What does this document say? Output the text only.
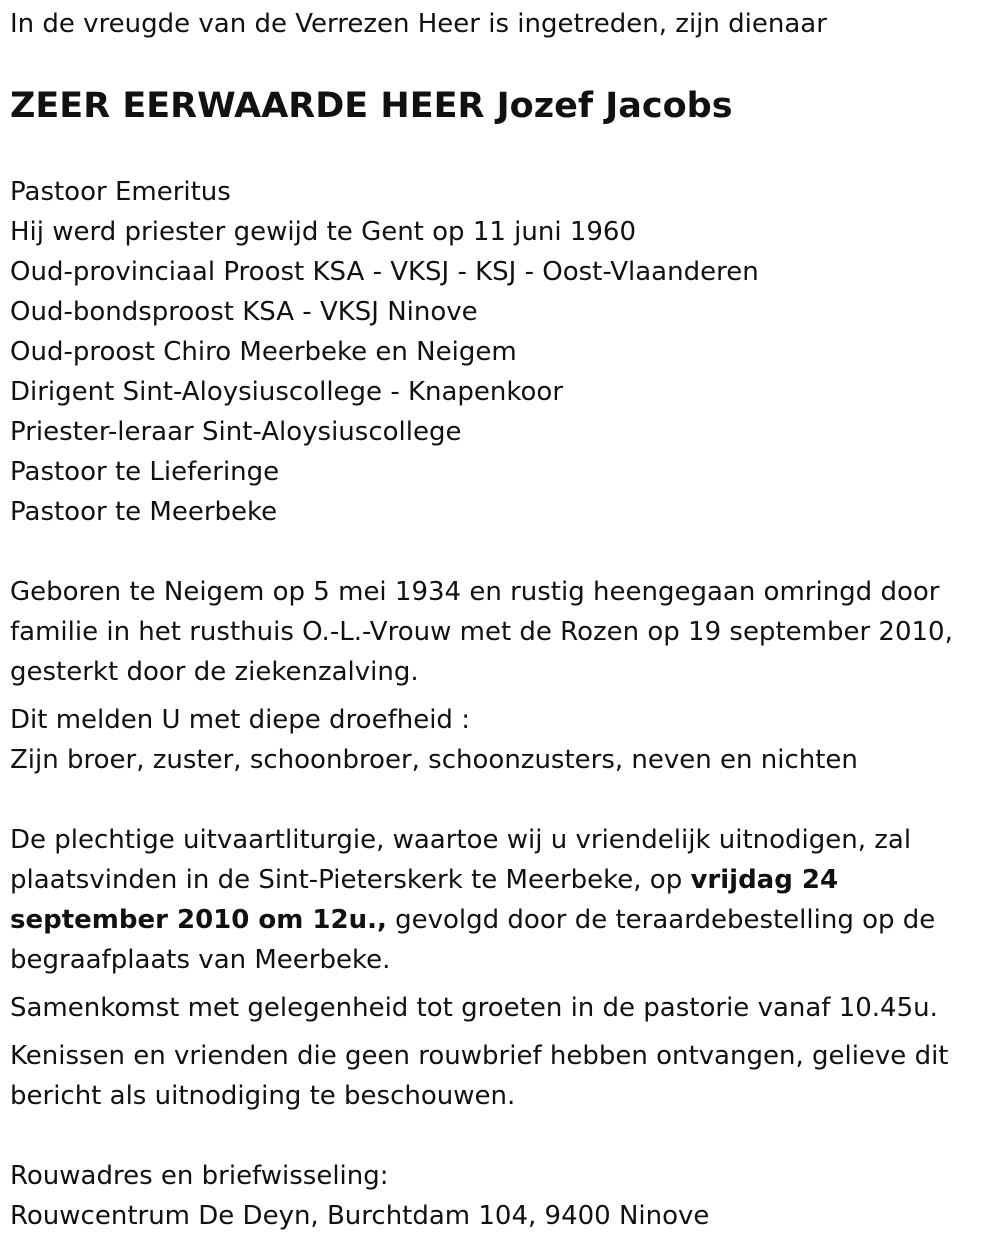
In de vreugde van de Verrezen Heer is ingetreden, zijn dienaar

ZEER EERWAARDE HEER Jozef Jacobs
Pastoor Emeritus
Hij werd priester gewijd te Gent op 11 juni 1960
Oud-provinciaal Proost KSA - VKSJ - KSJ - Oost-Vlaanderen
Oud-bondsproost KSA - VKSJ Ninove
Oud-proost Chiro Meerbeke en Neigem
Dirigent Sint-Aloysiuscollege - Knapenkoor
Priester-leraar Sint-Aloysiuscollege
Pastoor te Lieferinge
Pastoor te Meerbeke

Geboren te Neigem op 5 mei 1934 en rustig heengegaan omringd door
familie in het rusthuis O.-L.-Vrouw met de Rozen op 19 september 2010,
gesterkt door de ziekenzalving.

Dit melden U met diepe droefheid :
Zijn broer, zuster, schoonbroer, schoonzusters, neven en nichten

De plechtige uitvaartliturgie, waartoe wij u vriendelijk uitnodigen, zal
plaatsvinden in de Sint-Pieterskerk te Meerbeke, op vrijdag 24
september 2010 om 12u., gevolgd door de teraardebestelling op de
begraafplaats van Meerbeke.

Samenkomst met gelegenheid tot groeten in de pastorie vanaf 10.45u.

Kenissen en vrienden die geen rouwbrief hebben ontvangen, gelieve dit
bericht als uitnodiging te beschouwen.

Rouwadres en briefwisseling:
Rouwcentrum De Deyn, Burchtdam 104, 9400 Ninove
